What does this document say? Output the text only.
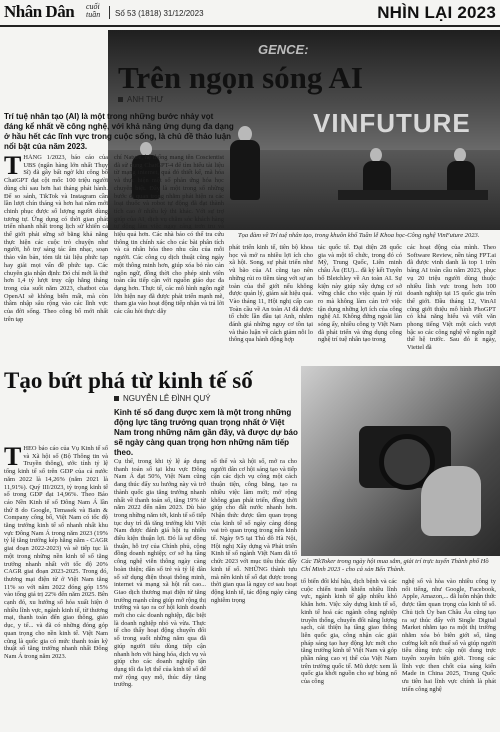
Nhân Dân cuối tuần	Số 53 (1818) 31/12/2023	NHÌN LẠI 2023
GENCE:
VINFUTURE
Trên ngọn sóng AI
ANH THƯ
Trí tuệ nhân tạo (AI) là một trong những bước nhảy vọt đáng kể nhất về công nghệ, với khả năng ứng dụng đa dạng ở hầu hết các lĩnh vực trong cuộc sống, là chủ đề thảo luận nổi bật của năm 2023.
Tọa đàm về Trí tuệ nhân tạo, trong khuôn khổ Tuần lễ Khoa học-Công nghệ VinFuture 2023.
THÁNG 1/2023, báo cáo của UBS (ngân hàng lớn nhất Thụy Sĩ) đã gây bất ngờ khi công bố ChatGPT đạt cột mốc 100 triệu người dùng chỉ sau hơn hai tháng phát hành. Để so sánh, TikTok và Instagram cần lần lượt chín tháng và hơn hai năm mới chinh phục được số lượng người dùng tương tự. Ứng dụng có thời gian phát triển nhanh nhất trong lịch sử khiến cả thế giới phải sững sờ bằng khả năng thực hiện các cuộc trò chuyện như người, hỗ trợ sáng tác âm nhạc, soạn thảo văn bản, tóm tắt tài liệu phức tạp hay giải mọi vấn đề phức tạp. Các chuyên gia nhận định: Đó chỉ mới là thử hơn 1,4 tỷ lượt truy cập hằng tháng trong của suốt năm 2023, chatbot của OpenAI sẽ không biến mất, mà còn thâm nhập sâu rộng vào các lĩnh vực của đời sống. Theo công bố mới nhất trên tạp
chí Nature, hệ thống mang tên Coscientist đã sử dụng ChatGPT-4 để tìm hiểu tài liệu từ mạng internet, quá đó thiết kế, mã hóa và thực hiện một số phản ứng hóa học chuyên biệt. Đây là một trong số những bước đi quan trọng nhằm phát hiện ra các loại thuốc và robot tự động đã đạt thành tích cao ở nhiều kỳ thi khác. Với sự trợ giúp của AI, dịch vụ chăm sóc khách hàng tự động làm việc ngay cảng trơn tru và hiệu quả hơn. Các nhà báo có thể tra cứu thông tin chính xác cho các bài phân tích và cả nhân hóa theo nhu cầu của mỗi người. Các công cụ dịch thuật cũng ngày một thông minh hơn, giúp xóa bỏ rào cản ngôn ngữ, đồng thời cho phép sinh viên toàn cầu tiếp cận với nguồn giáo dục đa dạng hơn. Thực tế, các mô hình ngôn ngữ lớn hiện nay đã được phát triển mạnh mẽ, tham gia vào hoạt động tiếp nhận và trả lời các câu hỏi thực dẫy
phát triển kinh tế, tiên bộ khoa học và mở ra nhiều lợi ích cho xã hội. Song, sự phát triển như vũ bão của AI cũng tạo nên những rủi ro tiềm tàng với sự an toàn của thế giới nếu không được quản lý, giám sát hiệu quả. Vào tháng 11, Hội nghị cấp cao Toàn cầu về An toàn AI đã được tổ chức lần đầu tại Anh, nhằm đánh giá những nguy cơ tồn tại và thảo luận về cách giảm nỗi lo thông qua hành động hợp
tác quốc tế. Đại diện 28 quốc gia và một tổ chức, trong đó có Mỹ, Trung Quốc, Liên minh châu Âu (EU)... đã ký kết Tuyên bố Bletchley về An toàn AI. Sự kiện này giúp xây dựng cơ sở vững chắc cho việc quản lý rủi ro mà không làm cản trở việc tận dụng những lợi ích của công nghệ AI. Không đứng ngoài làn sóng ấy, nhiều công ty Việt Nam đã phát triển và ứng dụng công nghệ trí tuệ nhân tạo trong
các hoạt động của mình. Theo Software Review, nền tảng FPT.ai đã được vinh danh là top 1 trên bảng AI toàn cầu năm 2023, phục vụ 20 triệu người dùng thuộc nhiều lĩnh vực trong hơn 100 doanh nghiệp tại 15 quốc gia trên thế giới. Đầu tháng 12, VinAI cũng giới thiệu mô hình PhoGPT có khả năng hiểu và viết văn phong tiếng Việt một cách vượt bậc so các công nghệ về ngôn ngữ thế hệ trước. Sau đó ít ngày, Viettel đã
Tạo bứt phá từ kinh tế số
NGUYỄN LÊ ĐÌNH QUÝ
Kinh tế số đang được xem là một trong những động lực tăng trưởng quan trọng nhất ở Việt Nam trong những năm gần đây, và được dự báo sẽ ngày càng quan trọng hơn những năm tiếp theo.
Các TikToker trong ngày hội mua sắm, giải trí trực tuyến Thành phố Hồ Chí Minh 2023 - cho cả sản Bến Thành.
THEO báo cáo của Vụ Kinh tế số và Xã hội số (Bộ Thông tin và Truyền thông), ước tính tỷ lệ tổng kinh tế số trên GDP của cả nước năm 2022 là 14,26% (năm 2021 là 11,91%). Quý III/2023, tỷ trọng kinh tế số trong GDP đạt 14,96%. Theo Báo cáo Nền Kinh tế số Đông Nam Á lần thứ 8 do Google, Temasek và Bain & Company công bố, Việt Nam có tốc độ tăng trưởng kinh tế số nhanh nhất khu vực Đông Nam Á trong năm 2023 (19% tỷ lệ tăng trưởng kép hằng năm - CAGR giai đoạn 2022-2023) và sẽ tiếp tục là một trong những nền kinh tế số tăng trưởng nhanh nhất với tốc độ 20% CAGR giai đoạn 2023-2025. Trong đó, thương mại điện tử ở Việt Nam tăng 11% so với năm 2022 đóng góp 15% vào tổng giá trị 22% đến năm 2025. Bên cạnh đó, xu hướng số hóa xuất hiện ở nhiều lĩnh vực, ngành kinh tế, từ thương mại, thanh toán đến giao thông, giáo dục, y tế... và đã có những đóng góp quan trọng cho nền kinh tế. Việt Nam cũng là quốc gia có mức thanh toán kỹ thuật số tăng trưởng nhanh nhất Đông Nam Á trong năm 2023.
Cụ thể, trong khi tỷ lệ áp dụng thanh toán số tại khu vực Đông Nam Á đạt 50%, Việt Nam cũng đang thúc đẩy xu hướng này và trở thành quốc gia tăng trưởng nhanh nhất về thanh toán số, tăng 19% từ năm 2022 đến năm 2023. Dù bảo trong những năm tới, kinh tế số tiếp tục duy trì đà tăng trưởng khi Việt Nam được đánh giá hội tụ nhiều điều kiện thuận lợi. Đó là sự đồng thuận, hỗ trợ của Chính phủ, cộng đồng doanh nghiệp; cơ sở hạ tầng công nghệ viễn thông ngày càng hoàn thiện; dân số trẻ và tỷ lệ dân số sử dụng điện thoại thông minh, internet và mạng xã hội rất cao... Giao dịch thương mại điện tử tăng trưởng mạnh cũng giúp mở rộng thị trường và tạo ra cơ hội kinh doanh mới cho các doanh nghiệp, đặc biệt là doanh nghiệp nhỏ và vừa. Thực tế cho thấy hoạt động chuyển đổi số trong suốt những năm qua đã giúp người tiêu dùng tiếp cận nhanh hơn với hàng hóa, dịch vụ và giúp cho các doanh nghiệp tận dụng tối đa lợi thế của kinh tế số để mở rộng quy mô, thúc đẩy tăng trưởng.
số thể và xã hội số, mở ra cho người dân cơ hội sáng tạo và tiếp cận các dịch vụ công một cách thuận tiện, công bằng, tạo ra nhiều việc làm mới; mở rộng không gian phát triển, đồng thời giúp cho đất nước nhanh hơn. Nhận thức được tầm quan trọng của kinh tế số ngày càng đóng vai trò quan trọng trong nền kinh tế. Ngày 9/5 tại Thủ đô Hà Nội, Hội nghị Xây dựng và Phát triển Kinh tế số ngành Việt Nam đã tổ chức 2023 với mục tiêu thúc đẩy kinh tế số. NHỮNG thành tựu mà nền kinh tế số đạt được trong thời gian qua là nguy cơ sau hoạt động kinh tế, tác động ngày càng nghiêm trọng
tổ biến đổi khí hậu, dịch bệnh và các cuộc chiến tranh khiến nhiều lĩnh vực, ngành kinh tế gặp nhiều khó khăn hơn. Việc xây dựng kinh tế số, kinh tế hoá các ngành công nghiệp truyền thống, chuyển đổi năng lượng sạch, cải thiện hạ tầng giao thông liên quốc gia, công nhận các giải pháp sáng tạo hay động lực mới cho tăng trưởng kinh tế Việt Nam và góp phần nâng cao vị thế của Việt Nam trên trường quốc tế. Mũ dược xem là quốc gia khởi nguồn cho sự bùng nổ của công
nghệ số và hòa vào nhiều công ty nổi tiếng, như Google, Facebook, Apple, Amazon,... đã luôn nhận thức được tầm quan trọng của kinh tế số. Chủ tịch Ủy ban Châu Âu cũng tạo ra sự thúc đẩy với Single Digital Market nhằm tạo ra một thị trường nhằm xóa bỏ biên giới số, tăng cường kết nối thuế số và giúp người tiêu dùng trực cập nội dung trực tuyến xuyên biên giới. Trong các lĩnh vực then chốt của sáng kiến Made in China 2025, Trung Quốc ưu tiên hai lĩnh vực chính là phát triển công nghệ
